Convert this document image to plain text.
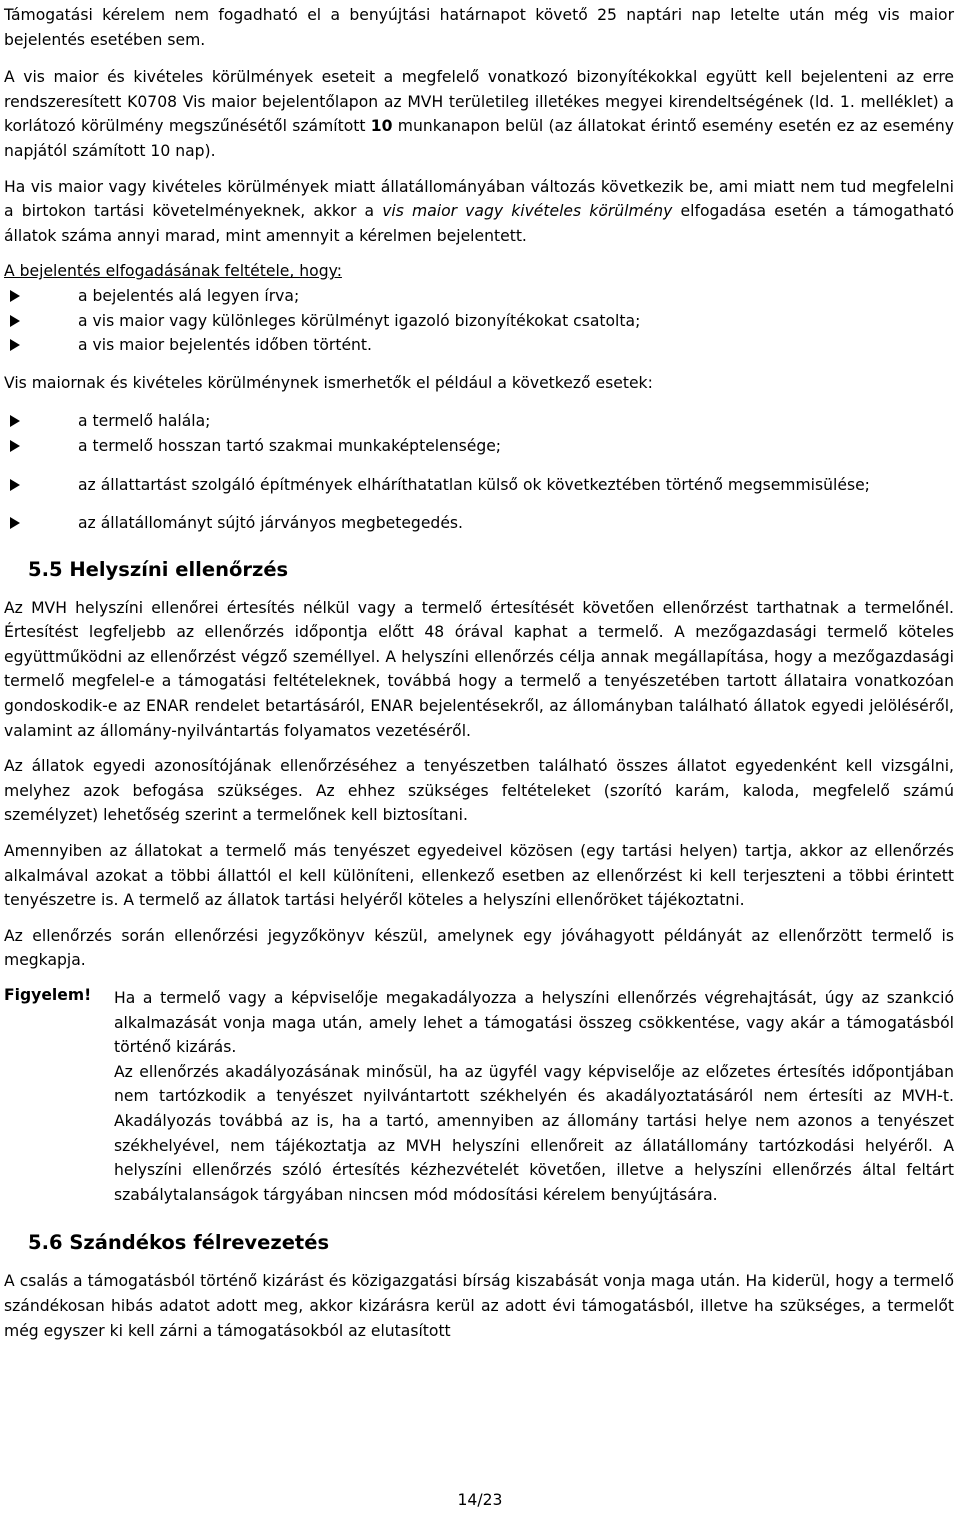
Támogatási kérelem nem fogadható el a benyújtási határnapot követő 25 naptári nap letelte után még vis maior bejelentés esetében sem.

A vis maior és kivételes körülmények eseteit a megfelelő vonatkozó bizonyítékokkal együtt kell bejelenteni az erre rendszeresített K0708 Vis maior bejelentőlapon az MVH területileg illetékes megyei kirendeltségének (ld. 1. melléklet) a korlátozó körülmény megszűnésétől számított 10 munkanapon belül (az állatokat érintő esemény esetén ez az esemény napjától számított 10 nap).

Ha vis maior vagy kivételes körülmények miatt állatállományában változás következik be, ami miatt nem tud megfelelni a birtokon tartási követelményeknek, akkor a vis maior vagy kivételes körülmény elfogadása esetén a támogatható állatok száma annyi marad, mint amennyit a kérelmen bejelentett.

A bejelentés elfogadásának feltétele, hogy:

a bejelentés alá legyen írva;
a vis maior vagy különleges körülményt igazoló bizonyítékokat csatolta;
a vis maior bejelentés időben történt.

Vis maiornak és kivételes körülménynek ismerhetők el például a következő esetek:

a termelő halála;
a termelő hosszan tartó szakmai munkaképtelensége;
az állattartást szolgáló építmények elháríthatatlan külső ok következtében történő megsemmisülése;
az állatállományt sújtó járványos megbetegedés.
5.5 Helyszíni ellenőrzés

Az MVH helyszíni ellenőrei értesítés nélkül vagy a termelő értesítését követően ellenőrzést tarthatnak a termelőnél. Értesítést legfeljebb az ellenőrzés időpontja előtt 48 órával kaphat a termelő. A mezőgazdasági termelő köteles együttműködni az ellenőrzést végző személlyel. A helyszíni ellenőrzés célja annak megállapítása, hogy a mezőgazdasági termelő megfelel-e a támogatási feltételeknek, továbbá hogy a termelő a tenyészetében tartott állataira vonatkozóan gondoskodik-e az ENAR rendelet betartásáról, ENAR bejelentésekről, az állományban található állatok egyedi jelöléséről, valamint az állomány-nyilvántartás folyamatos vezetéséről.

Az állatok egyedi azonosítójának ellenőrzéséhez a tenyészetben található összes állatot egyedenként kell vizsgálni, melyhez azok befogása szükséges. Az ehhez szükséges feltételeket (szorító karám, kaloda, megfelelő számú személyzet) lehetőség szerint a termelőnek kell biztosítani.

Amennyiben az állatokat a termelő más tenyészet egyedeivel közösen (egy tartási helyen) tartja, akkor az ellenőrzés alkalmával azokat a többi állattól el kell különíteni, ellenkező esetben az ellenőrzést ki kell terjeszteni a többi érintett tenyészetre is. A termelő az állatok tartási helyéről köteles a helyszíni ellenőröket tájékoztatni.

Az ellenőrzés során ellenőrzési jegyzőkönyv készül, amelynek egy jóváhagyott példányát az ellenőrzött termelő is megkapja.

Figyelem!	Ha a termelő vagy a képviselője megakadályozza a helyszíni ellenőrzés végrehajtását, úgy az szankció alkalmazását vonja maga után, amely lehet a támogatási összeg csökkentése, vagy akár a támogatásból történő kizárás.

Az ellenőrzés akadályozásának minősül, ha az ügyfél vagy képviselője az előzetes értesítés időpontjában nem tartózkodik a tenyészet nyilvántartott székhelyén és akadályoztatásáról nem értesíti az MVH-t. Akadályozás továbbá az is, ha a tartó, amennyiben az állomány tartási helye nem azonos a tenyészet székhelyével, nem tájékoztatja az MVH helyszíni ellenőreit az állatállomány tartózkodási helyéről. A helyszíni ellenőrzés szóló értesítés kézhezvételét követően, illetve a helyszíni ellenőrzés által feltárt szabálytalanságok tárgyában nincsen mód módosítási kérelem benyújtására.

5.6 Szándékos félrevezetés

A csalás a támogatásból történő kizárást és közigazgatási bírság kiszabását vonja maga után. Ha kiderül, hogy a termelő szándékosan hibás adatot adott meg, akkor kizárásra kerül az adott évi támogatásból, illetve ha szükséges, a termelőt még egyszer ki kell zárni a támogatásokból az elutasított

14/23
